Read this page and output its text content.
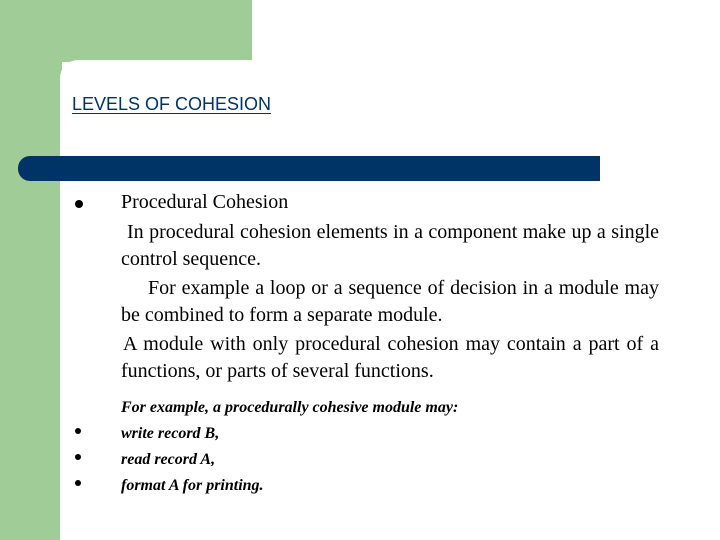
LEVELS OF COHESION
Procedural Cohesion

In procedural cohesion elements in a component make up a single control sequence.

For example a loop or a sequence of decision in a module may be combined to form a separate module.

A module with only procedural cohesion may contain a part of a functions, or parts of several functions.

For example, a procedurally cohesive module may:
write record B,
read record A,
format A for printing.
